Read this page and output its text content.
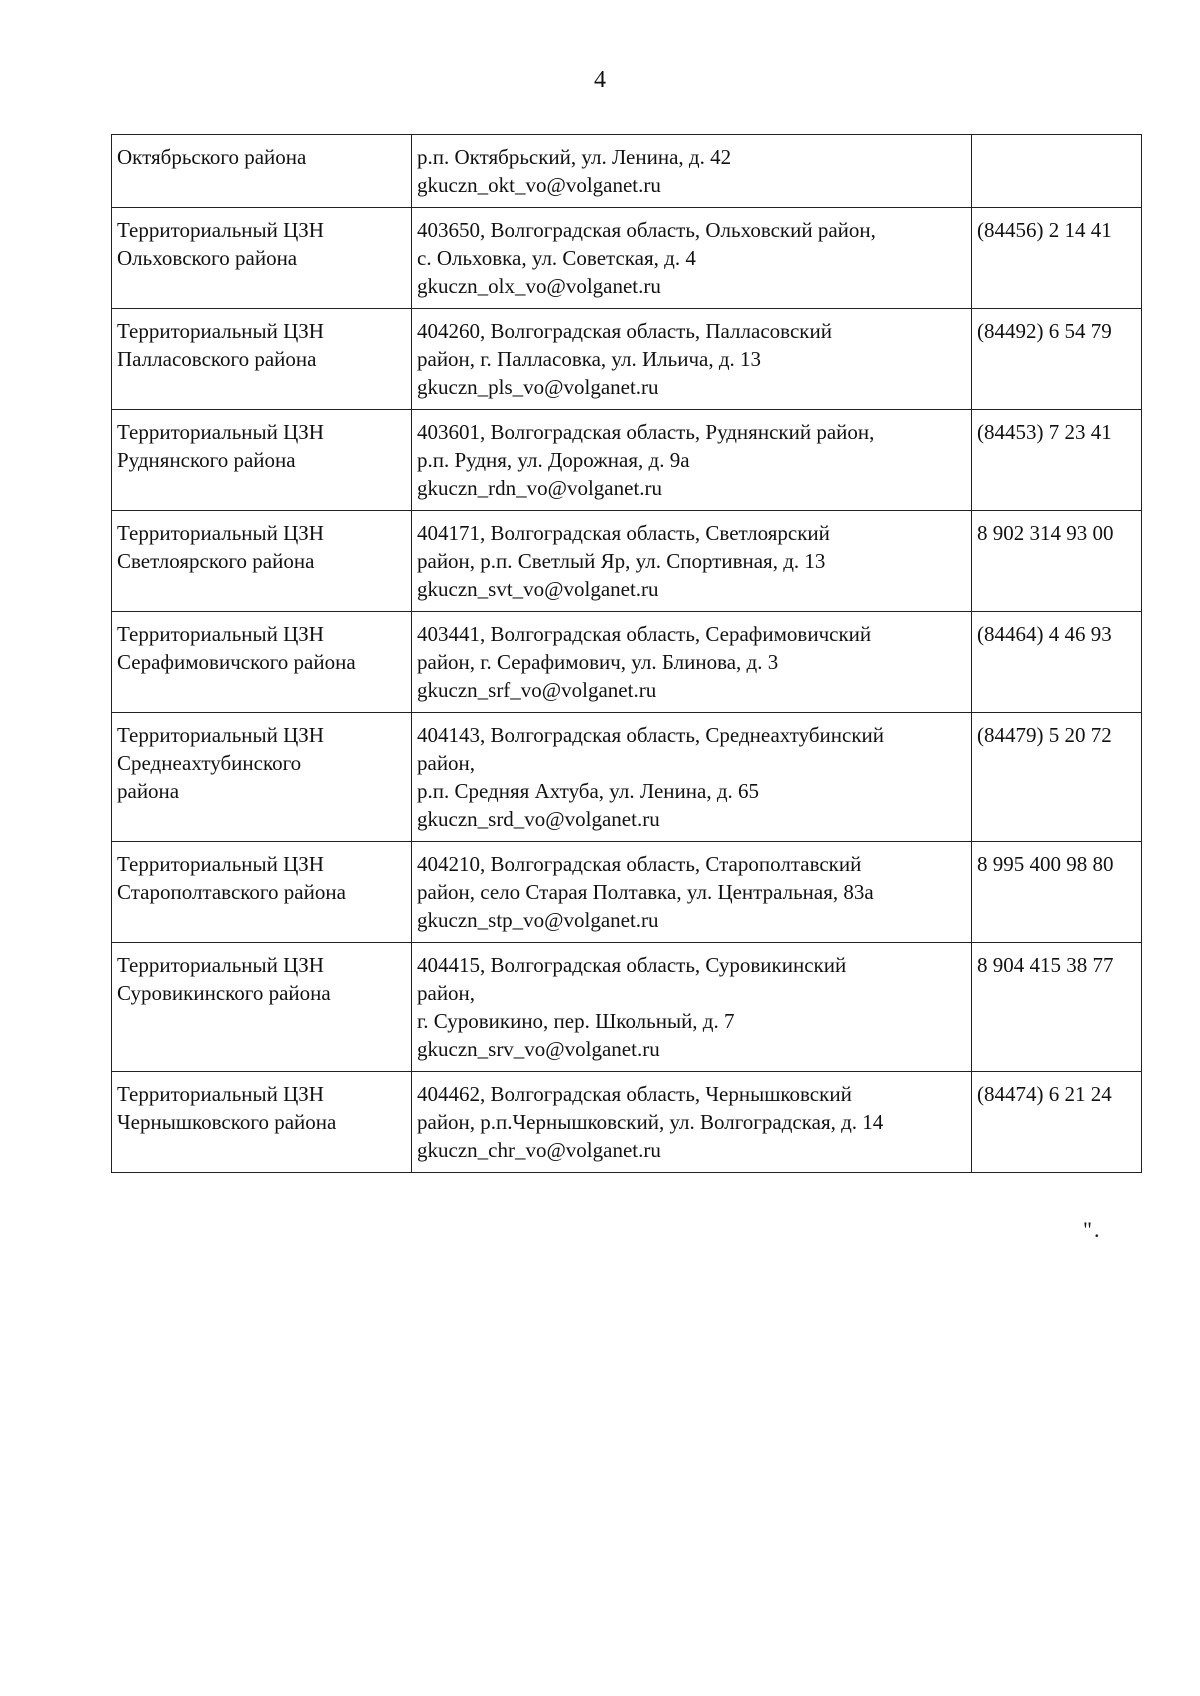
4
Октябрьского района	р.п. Октябрьский, ул. Ленина, д. 42
gkuczn_okt_vo@volganet.ru	

Территориальный ЦЗН
Ольховского района	403650, Волгоградская область, Ольховский район,
с. Ольховка, ул. Советская, д. 4
gkuczn_olx_vo@volganet.ru	(84456) 2 14 41

Территориальный ЦЗН
Палласовского района	404260, Волгоградская область, Палласовский
район, г. Палласовка, ул. Ильича, д. 13
gkuczn_pls_vo@volganet.ru	(84492) 6 54 79

Территориальный ЦЗН
Руднянского района	403601, Волгоградская область, Руднянский район,
р.п. Рудня, ул. Дорожная, д. 9а
gkuczn_rdn_vo@volganet.ru	(84453) 7 23 41

Территориальный ЦЗН
Светлоярского района	404171, Волгоградская область, Светлоярский
район, р.п. Светлый Яр, ул. Спортивная, д. 13
gkuczn_svt_vo@volganet.ru	8 902 314 93 00

Территориальный ЦЗН
Серафимовичского района	403441, Волгоградская область, Серафимовичский
район, г. Серафимович, ул. Блинова, д. 3
gkuczn_srf_vo@volganet.ru	(84464) 4 46 93

Территориальный ЦЗН
Среднеахтубинского
района	404143, Волгоградская область, Среднеахтубинский
район,
р.п. Средняя Ахтуба, ул. Ленина, д. 65
gkuczn_srd_vo@volganet.ru	(84479) 5 20 72

Территориальный ЦЗН
Старополтавского района	404210, Волгоградская область, Старополтавский
район, село Старая Полтавка, ул. Центральная, 83а
gkuczn_stp_vo@volganet.ru	8 995 400 98 80

Территориальный ЦЗН
Суровикинского района	404415, Волгоградская область, Суровикинский
район,
г. Суровикино, пер. Школьный, д. 7
gkuczn_srv_vo@volganet.ru	8 904 415 38 77

Территориальный ЦЗН
Чернышковского района	404462, Волгоградская область, Чернышковский
район, р.п.Чернышковский, ул. Волгоградская, д. 14
gkuczn_chr_vo@volganet.ru	(84474) 6 21 24
".
